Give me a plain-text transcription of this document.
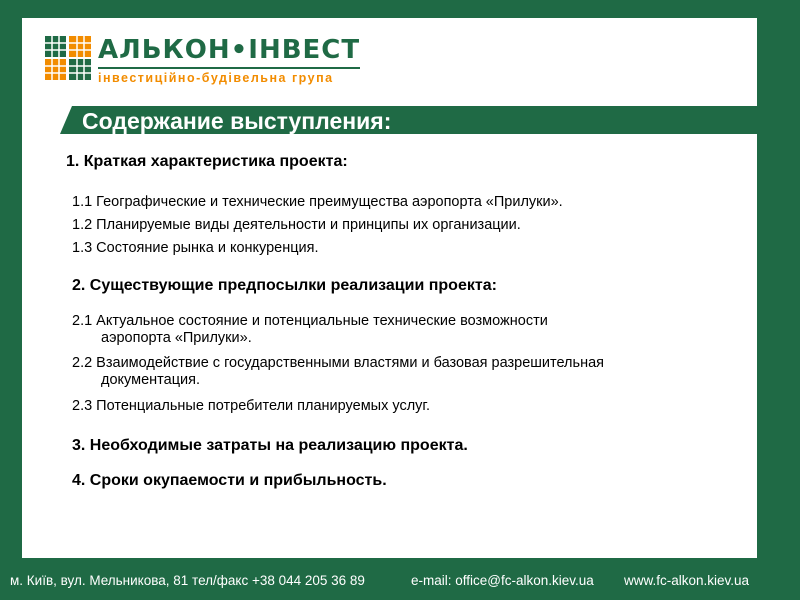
АЛЬКОН•ІНВЕСТ
інвестиційно-будівельна група
Содержание выступления:
1. Краткая характеристика проекта:
1.1 Географические и технические преимущества аэропорта «Прилуки».
1.2 Планируемые виды деятельности и принципы их организации.
1.3 Состояние рынка и конкуренция.
2. Существующие предпосылки реализации проекта:
2.1 Актуальное состояние и потенциальные технические возможности
аэропорта «Прилуки».
2.2 Взаимодействие с государственными властями и базовая разрешительная
документация.
2.3 Потенциальные потребители планируемых услуг.
3. Необходимые затраты на реализацию проекта.
4. Сроки окупаемости и прибыльность.
м. Київ, вул. Мельникова, 81 тел/факс +38 044 205 36 89	e-mail: office@fc-alkon.kiev.ua www.fc-alkon.kiev.ua
